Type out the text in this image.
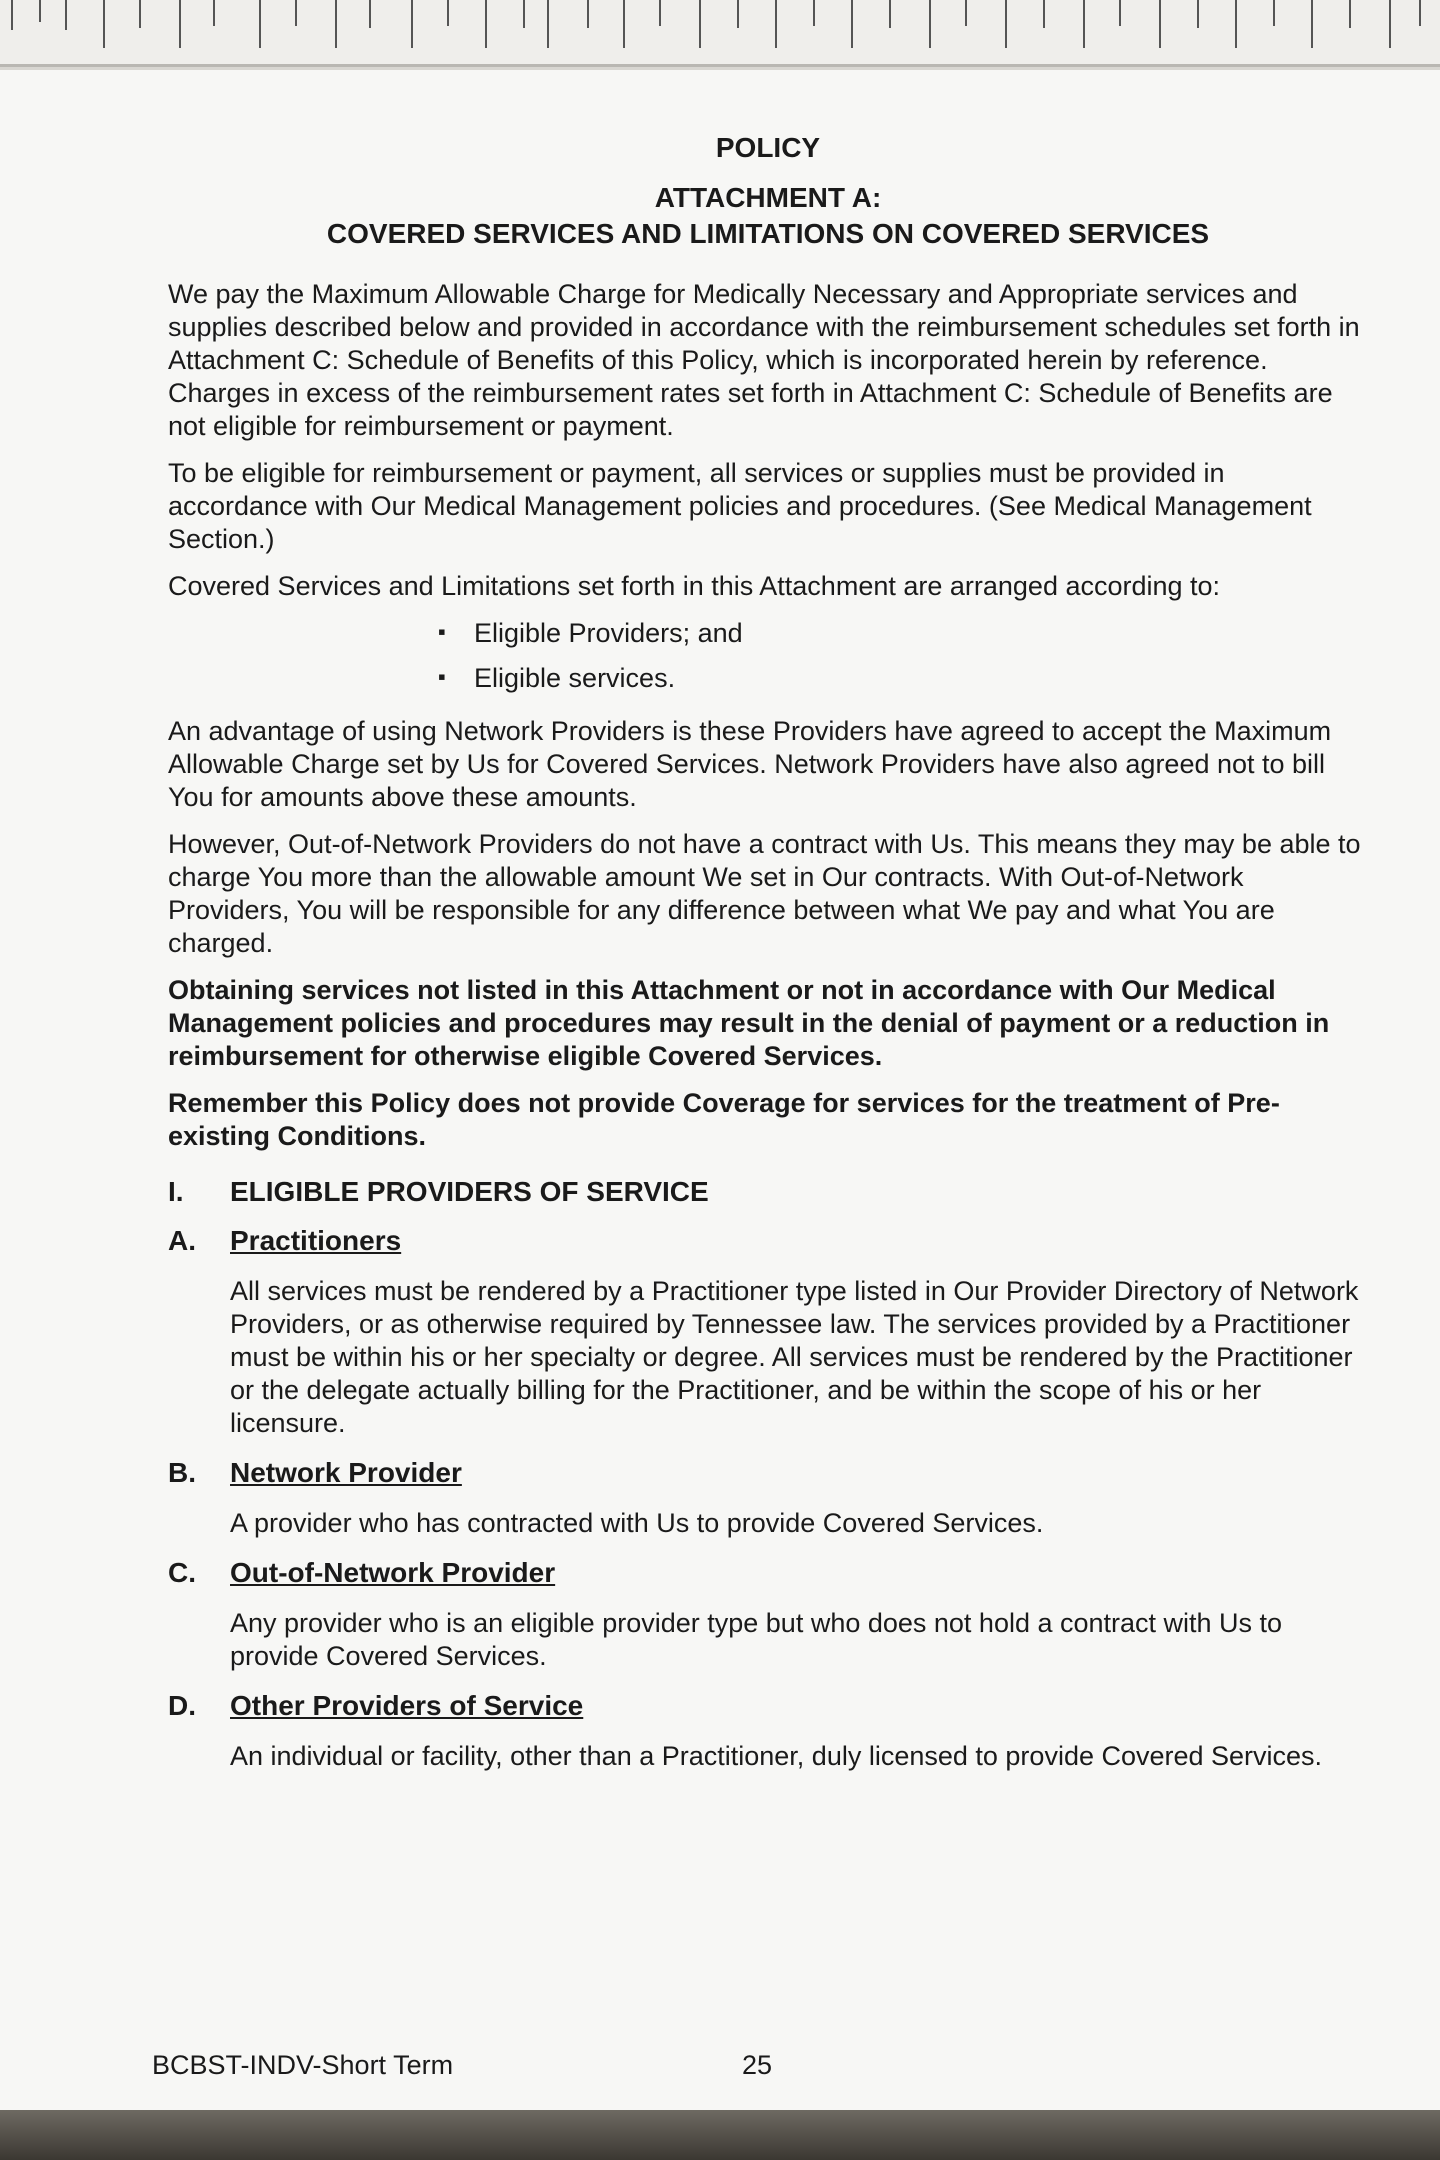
POLICY
ATTACHMENT A:
COVERED SERVICES AND LIMITATIONS ON COVERED SERVICES

We pay the Maximum Allowable Charge for Medically Necessary and Appropriate services and supplies described below and provided in accordance with the reimbursement schedules set forth in Attachment C: Schedule of Benefits of this Policy, which is incorporated herein by reference. Charges in excess of the reimbursement rates set forth in Attachment C: Schedule of Benefits are not eligible for reimbursement or payment.

To be eligible for reimbursement or payment, all services or supplies must be provided in accordance with Our Medical Management policies and procedures. (See Medical Management Section.)

Covered Services and Limitations set forth in this Attachment are arranged according to:

▪ Eligible Providers; and
▪ Eligible services.

An advantage of using Network Providers is these Providers have agreed to accept the Maximum Allowable Charge set by Us for Covered Services. Network Providers have also agreed not to bill You for amounts above these amounts.

However, Out-of-Network Providers do not have a contract with Us. This means they may be able to charge You more than the allowable amount We set in Our contracts. With Out-of-Network Providers, You will be responsible for any difference between what We pay and what You are charged.

Obtaining services not listed in this Attachment or not in accordance with Our Medical Management policies and procedures may result in the denial of payment or a reduction in reimbursement for otherwise eligible Covered Services.

Remember this Policy does not provide Coverage for services for the treatment of Pre-existing Conditions.

I.	ELIGIBLE PROVIDERS OF SERVICE
A.	Practitioners

All services must be rendered by a Practitioner type listed in Our Provider Directory of Network Providers, or as otherwise required by Tennessee law. The services provided by a Practitioner must be within his or her specialty or degree. All services must be rendered by the Practitioner or the delegate actually billing for the Practitioner, and be within the scope of his or her licensure.

B.	Network Provider

A provider who has contracted with Us to provide Covered Services.

C.	Out-of-Network Provider

Any provider who is an eligible provider type but who does not hold a contract with Us to provide Covered Services.

D.	Other Providers of Service

An individual or facility, other than a Practitioner, duly licensed to provide Covered Services.

BCBST-INDV-Short Term	25
